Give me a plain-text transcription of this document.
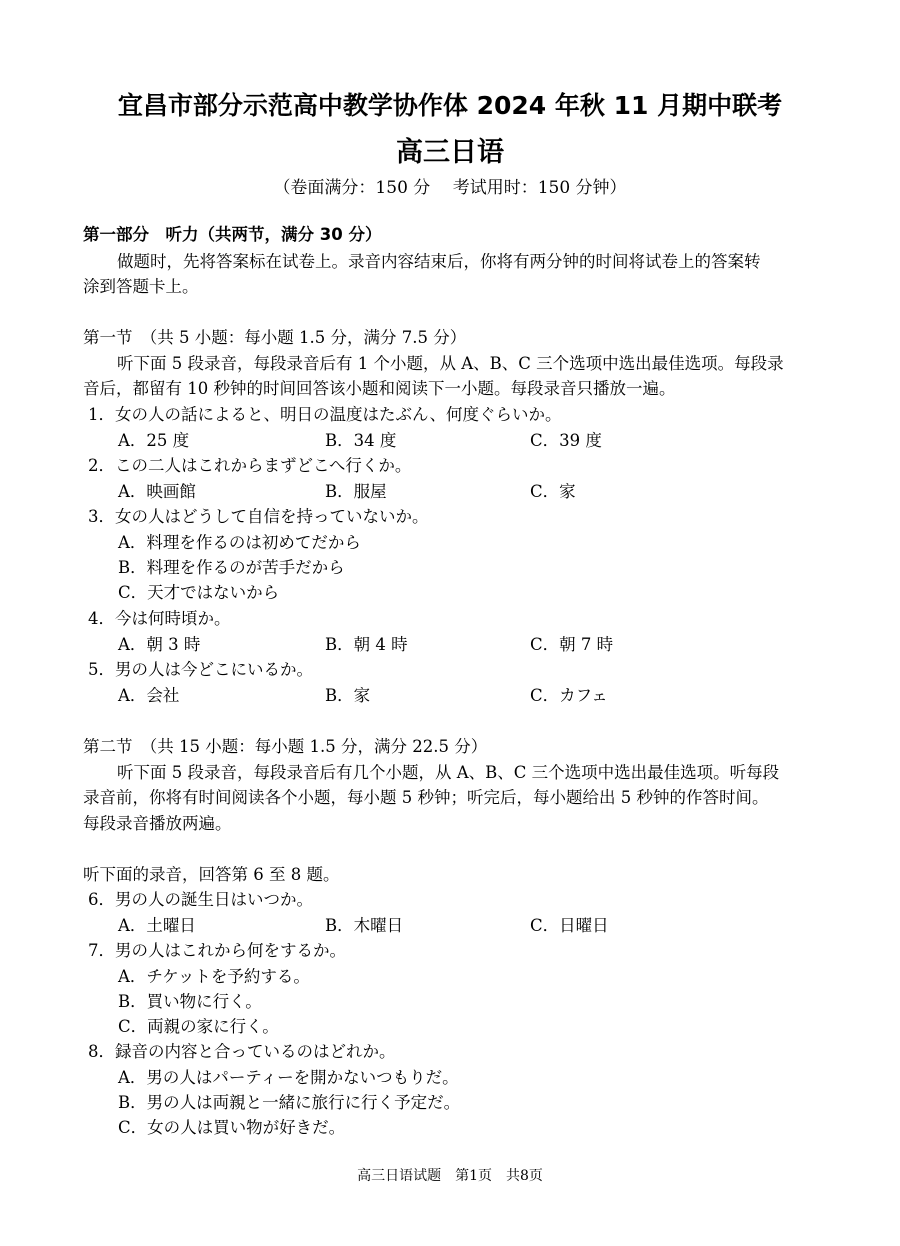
宜昌市部分示范高中教学协作体 2024 年秋 11 月期中联考
高三日语
（卷面满分：150 分　 考试用时：150 分钟）
第一部分　听力（共两节，满分 30 分）
做题时，先将答案标在试卷上。录音内容结束后，你将有两分钟的时间将试卷上的答案转
涂到答题卡上。
第一节　（共 5 小题：每小题 1.5 分，满分 7.5 分）
听下面 5 段录音，每段录音后有 1 个小题，从 A、B、C 三个选项中选出最佳选项。每段录
音后，都留有 10 秒钟的时间回答该小题和阅读下一小题。每段录音只播放一遍。
1．女の人の話によると、明日の温度はたぶん、何度ぐらいか。
A．25 度	B．34 度	C．39 度
2．この二人はこれからまずどこへ行くか。
A．映画館	B．服屋	C．家
3．女の人はどうして自信を持っていないか。
A．料理を作るのは初めてだから
B．料理を作るのが苦手だから
C．天才ではないから
4．今は何時頃か。
A．朝 3 時	B．朝 4 時	C．朝 7 時
5．男の人は今どこにいるか。
A．会社	B．家	C．カフェ
第二节　（共 15 小题：每小题 1.5 分，满分 22.5 分）
听下面 5 段录音，每段录音后有几个小题，从 A、B、C 三个选项中选出最佳选项。听每段
录音前，你将有时间阅读各个小题，每小题 5 秒钟；听完后，每小题给出 5 秒钟的作答时间。
每段录音播放两遍。
听下面的录音，回答第 6 至 8 题。
6．男の人の誕生日はいつか。
A．土曜日	B．木曜日	C．日曜日
7．男の人はこれから何をするか。
A．チケットを予約する。
B．買い物に行く。
C．両親の家に行く。
8．録音の内容と合っているのはどれか。
A．男の人はパーティーを開かないつもりだ。
B．男の人は両親と一緒に旅行に行く予定だ。
C．女の人は買い物が好きだ。
高三日语试题　第1页　共8页
